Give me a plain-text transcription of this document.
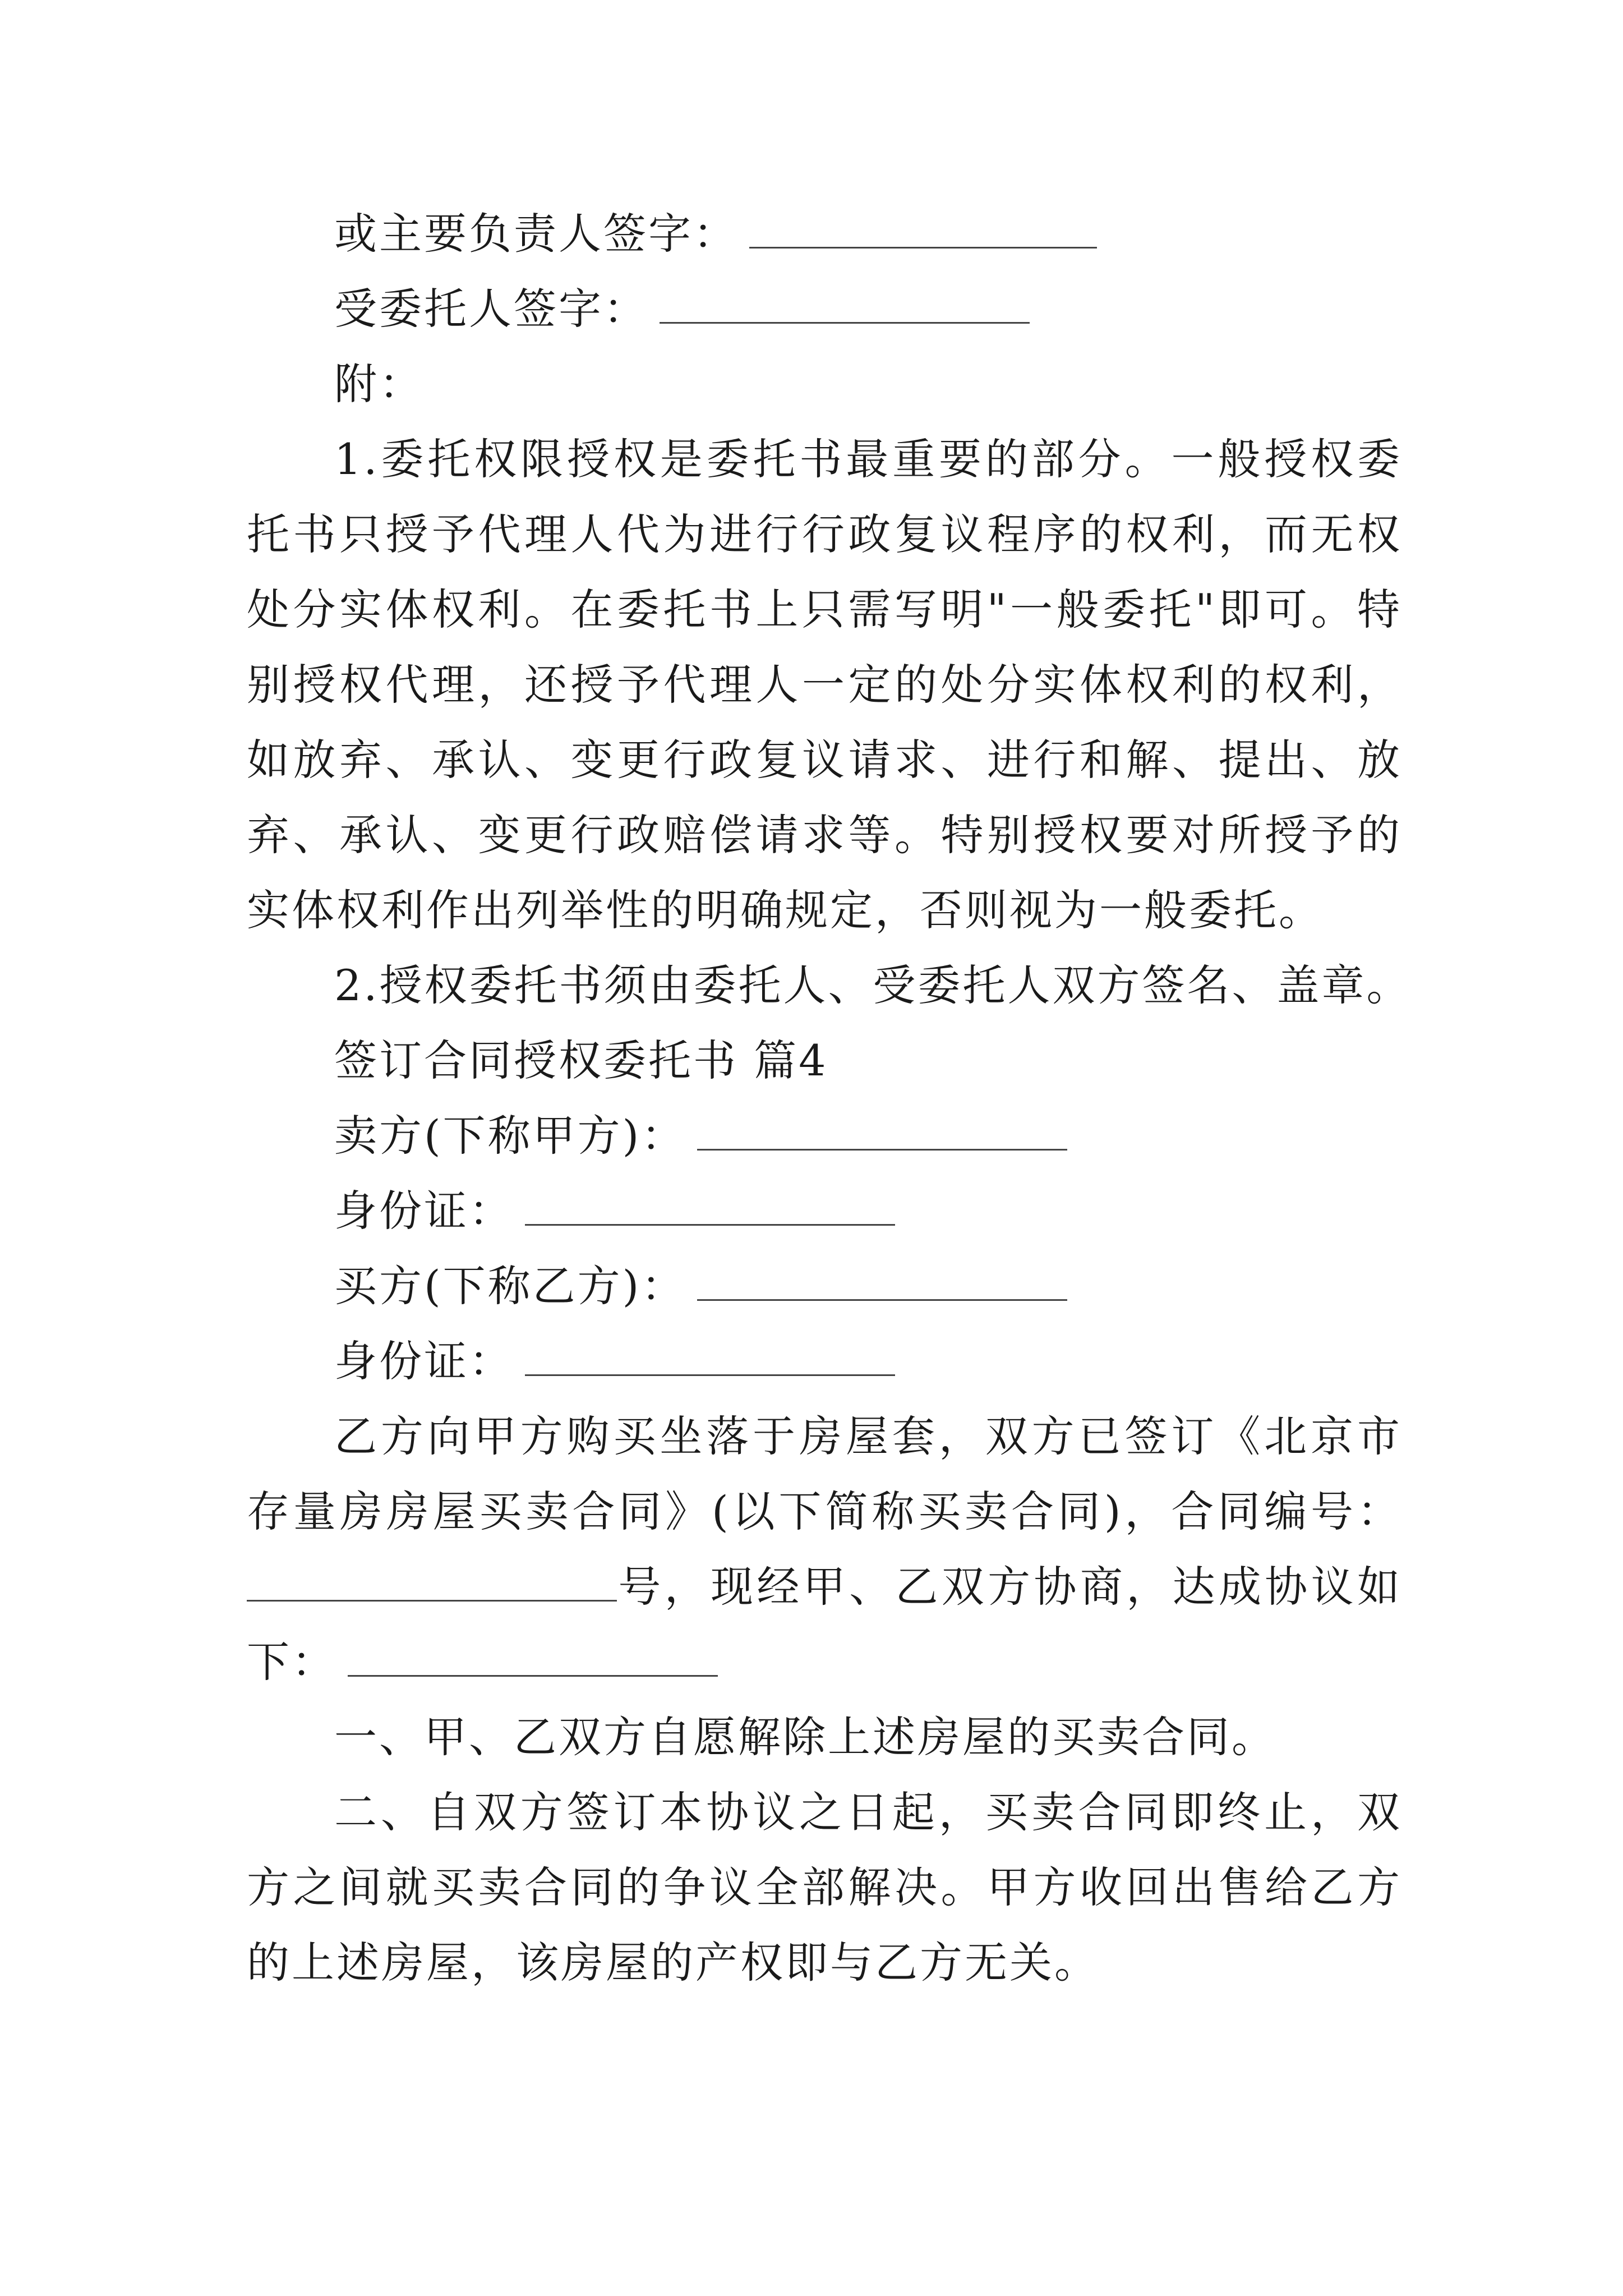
或主要负责人签字：
受委托人签字：
附：
1.委托权限授权是委托书最重要的部分。一般授权委托书只授予代理人代为进行行政复议程序的权利，而无权处分实体权利。在委托书上只需写明"一般委托"即可。特别授权代理，还授予代理人一定的处分实体权利的权利，如放弃、承认、变更行政复议请求、进行和解、提出、放弃、承认、变更行政赔偿请求等。特别授权要对所授予的实体权利作出列举性的明确规定，否则视为一般委托。
2.授权委托书须由委托人、受委托人双方签名、盖章。
签订合同授权委托书 篇4
卖方(下称甲方)：
身份证：
买方(下称乙方)：
身份证：
乙方向甲方购买坐落于房屋套，双方已签订《北京市存量房房屋买卖合同》(以下简称买卖合同)，合同编号：号，现经甲、乙双方协商，达成协议如下：
一、甲、乙双方自愿解除上述房屋的买卖合同。
二、自双方签订本协议之日起，买卖合同即终止，双方之间就买卖合同的争议全部解决。甲方收回出售给乙方的上述房屋，该房屋的产权即与乙方无关。
